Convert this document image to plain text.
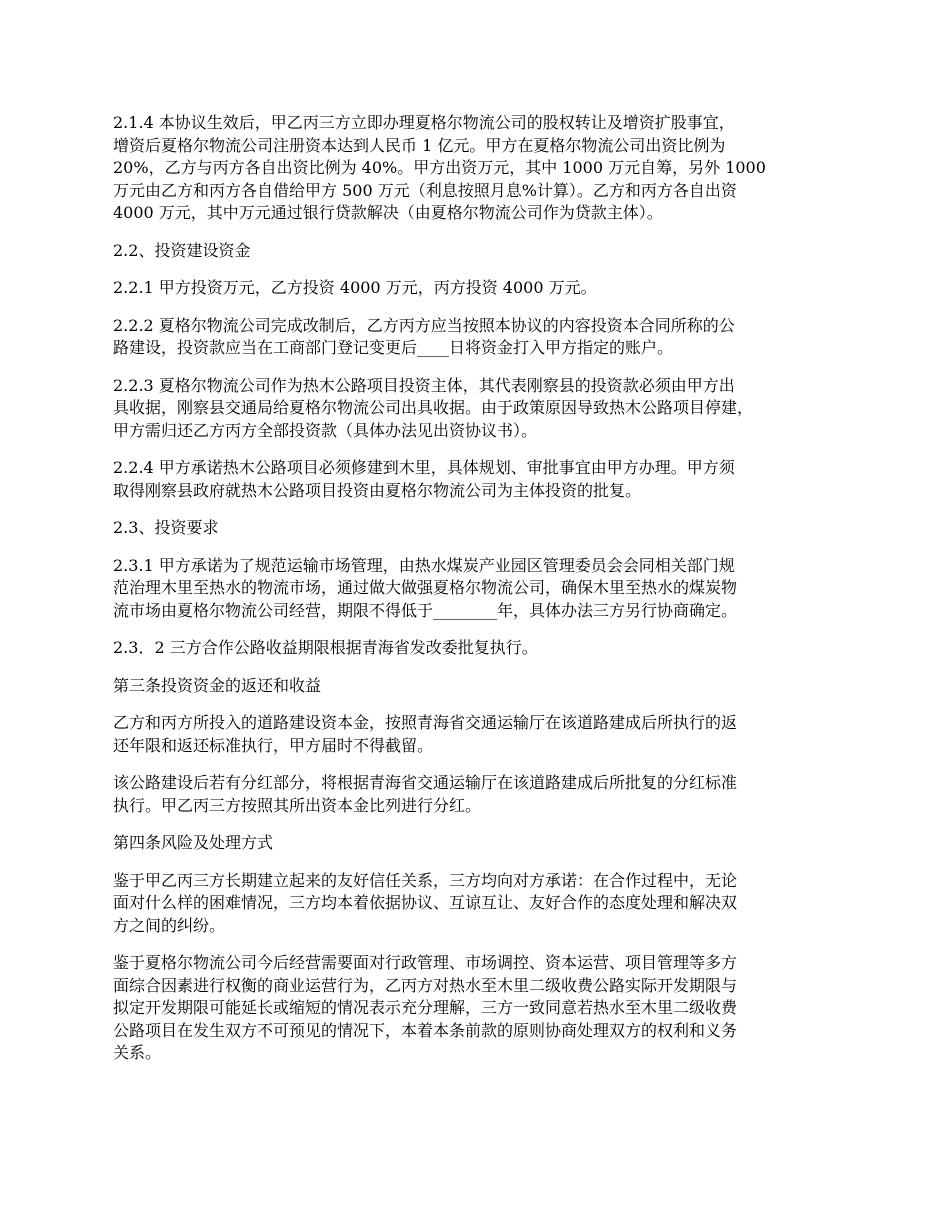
2.1.4 本协议生效后，甲乙丙三方立即办理夏格尔物流公司的股权转让及增资扩股事宜，
增资后夏格尔物流公司注册资本达到人民币 1 亿元。甲方在夏格尔物流公司出资比例为
20%，乙方与丙方各自出资比例为 40%。甲方出资万元，其中 1000 万元自筹，另外 1000
万元由乙方和丙方各自借给甲方 500 万元（利息按照月息%计算）。乙方和丙方各自出资
4000 万元，其中万元通过银行贷款解决（由夏格尔物流公司作为贷款主体）。

2.2、投资建设资金

2.2.1 甲方投资万元，乙方投资 4000 万元，丙方投资 4000 万元。

2.2.2 夏格尔物流公司完成改制后，乙方丙方应当按照本协议的内容投资本合同所称的公
路建设，投资款应当在工商部门登记变更后____日将资金打入甲方指定的账户。

2.2.3 夏格尔物流公司作为热木公路项目投资主体，其代表刚察县的投资款必须由甲方出
具收据，刚察县交通局给夏格尔物流公司出具收据。由于政策原因导致热木公路项目停建，
甲方需归还乙方丙方全部投资款（具体办法见出资协议书）。

2.2.4 甲方承诺热木公路项目必须修建到木里，具体规划、审批事宜由甲方办理。甲方须
取得刚察县政府就热木公路项目投资由夏格尔物流公司为主体投资的批复。

2.3、投资要求

2.3.1 甲方承诺为了规范运输市场管理，由热水煤炭产业园区管理委员会会同相关部门规
范治理木里至热水的物流市场，通过做大做强夏格尔物流公司，确保木里至热水的煤炭物
流市场由夏格尔物流公司经营，期限不得低于________年，具体办法三方另行协商确定。

2.3．2 三方合作公路收益期限根据青海省发改委批复执行。

第三条投资资金的返还和收益

乙方和丙方所投入的道路建设资本金，按照青海省交通运输厅在该道路建成后所执行的返
还年限和返还标准执行，甲方届时不得截留。

该公路建设后若有分红部分，将根据青海省交通运输厅在该道路建成后所批复的分红标准
执行。甲乙丙三方按照其所出资本金比列进行分红。

第四条风险及处理方式

鉴于甲乙丙三方长期建立起来的友好信任关系，三方均向对方承诺：在合作过程中，无论
面对什么样的困难情况，三方均本着依据协议、互谅互让、友好合作的态度处理和解决双
方之间的纠纷。

鉴于夏格尔物流公司今后经营需要面对行政管理、市场调控、资本运营、项目管理等多方
面综合因素进行权衡的商业运营行为，乙丙方对热水至木里二级收费公路实际开发期限与
拟定开发期限可能延长或缩短的情况表示充分理解，三方一致同意若热水至木里二级收费
公路项目在发生双方不可预见的情况下，本着本条前款的原则协商处理双方的权利和义务
关系。
